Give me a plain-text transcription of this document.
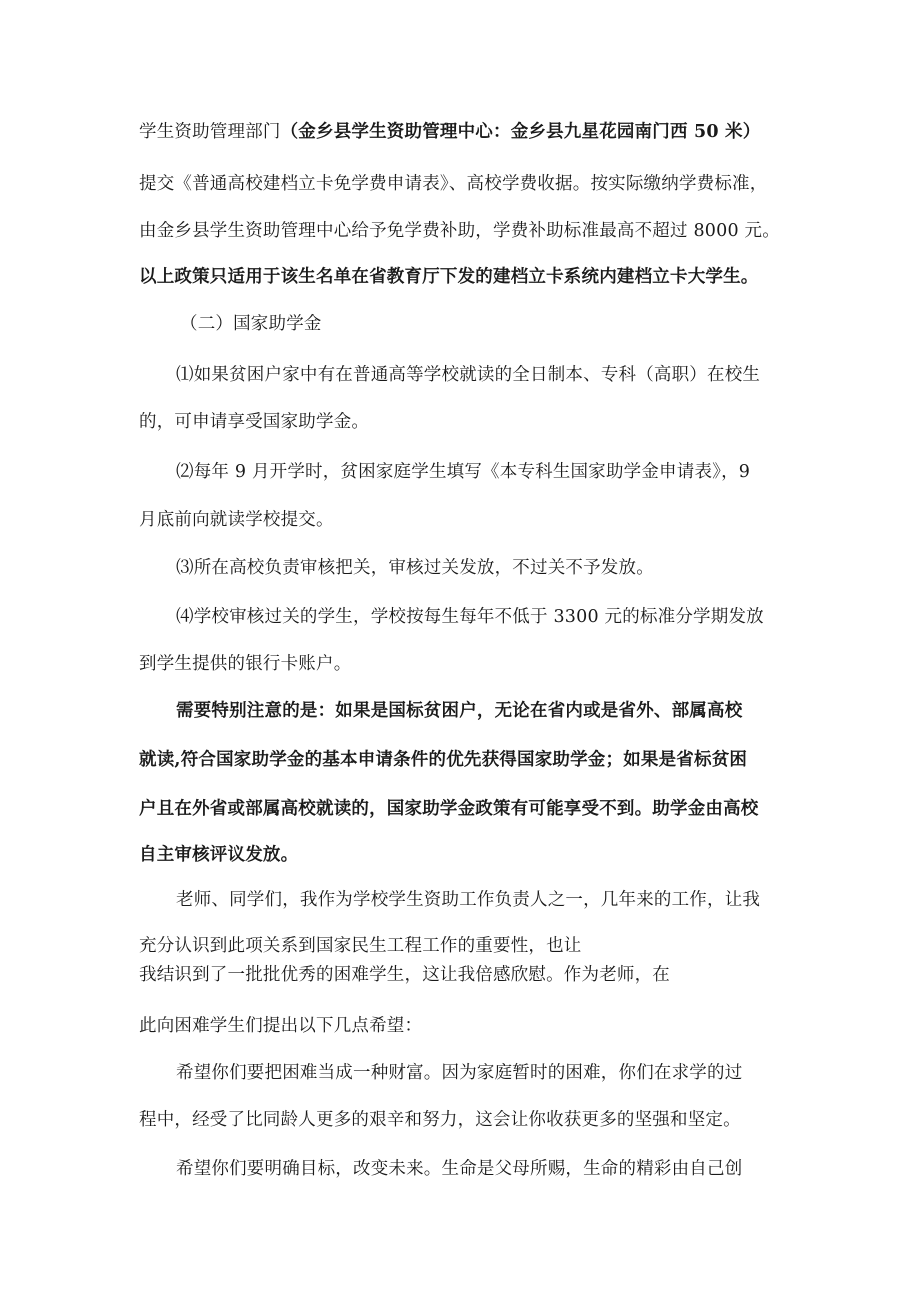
学生资助管理部门（金乡县学生资助管理中心：金乡县九星花园南门西 50 米）
提交《普通高校建档立卡免学费申请表》、高校学费收据。按实际缴纳学费标准，
由金乡县学生资助管理中心给予免学费补助，学费补助标准最高不超过 8000 元。
以上政策只适用于该生名单在省教育厅下发的建档立卡系统内建档立卡大学生。
（二）国家助学金
⑴如果贫困户家中有在普通高等学校就读的全日制本、专科（高职）在校生
的，可申请享受国家助学金。
⑵每年 9 月开学时，贫困家庭学生填写《本专科生国家助学金申请表》，9
月底前向就读学校提交。
⑶所在高校负责审核把关，审核过关发放，不过关不予发放。
⑷学校审核过关的学生，学校按每生每年不低于 3300 元的标准分学期发放
到学生提供的银行卡账户。
需要特别注意的是：如果是国标贫困户，无论在省内或是省外、部属高校
就读,符合国家助学金的基本申请条件的优先获得国家助学金；如果是省标贫困
户且在外省或部属高校就读的，国家助学金政策有可能享受不到。助学金由高校
自主审核评议发放。
老师、同学们，我作为学校学生资助工作负责人之一，几年来的工作，让我
充分认识到此项关系到国家民生工程工作的重要性，也让
我结识到了一批批优秀的困难学生，这让我倍感欣慰。作为老师，在
此向困难学生们提出以下几点希望：
希望你们要把困难当成一种财富。因为家庭暂时的困难，你们在求学的过
程中，经受了比同龄人更多的艰辛和努力，这会让你收获更多的坚强和坚定。
希望你们要明确目标，改变未来。生命是父母所赐，生命的精彩由自己创
